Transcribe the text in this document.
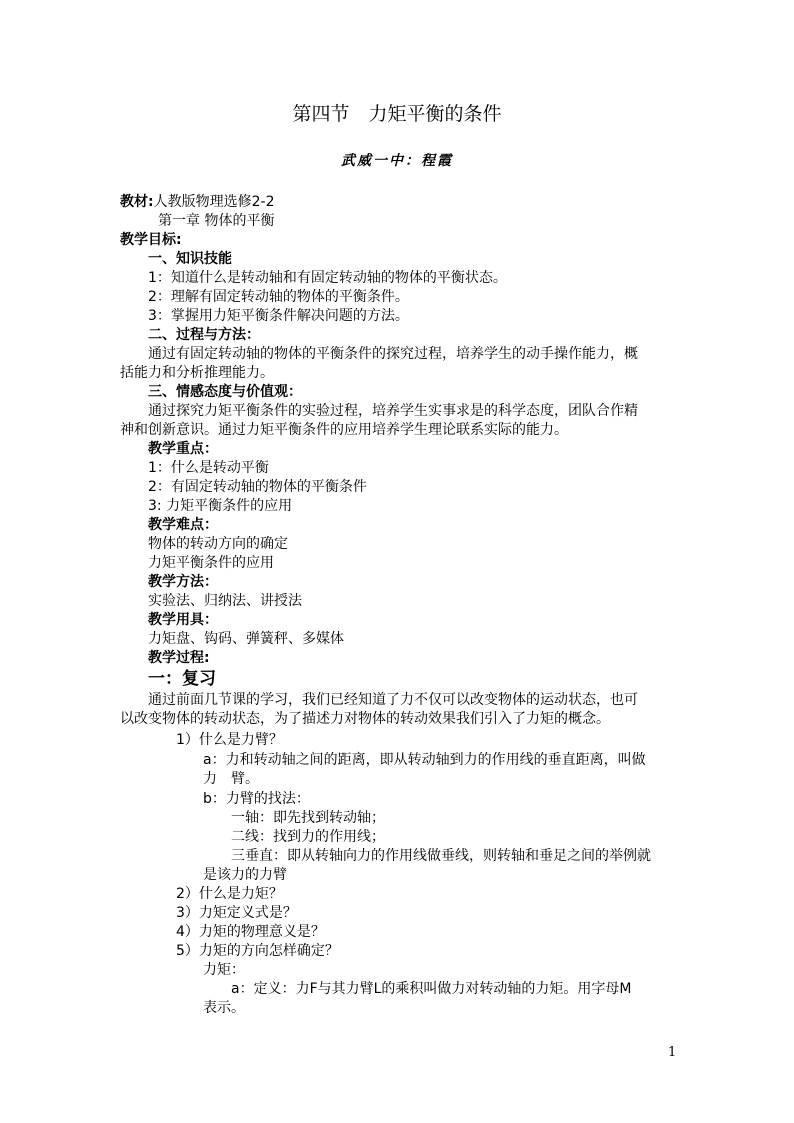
第四节　力矩平衡的条件
武威一中：程霞
教材:人教版物理选修2-2
第一章 物体的平衡
教学目标:
一、知识技能
1：知道什么是转动轴和有固定转动轴的物体的平衡状态。
2：理解有固定转动轴的物体的平衡条件。
3：掌握用力矩平衡条件解决问题的方法。
二、过程与方法：
通过有固定转动轴的物体的平衡条件的探究过程，培养学生的动手操作能力，概
括能力和分析推理能力。
三、情感态度与价值观：
通过探究力矩平衡条件的实验过程，培养学生实事求是的科学态度，团队合作精
神和创新意识。通过力矩平衡条件的应用培养学生理论联系实际的能力。
教学重点：
1：什么是转动平衡
2：有固定转动轴的物体的平衡条件
3: 力矩平衡条件的应用
教学难点：
物体的转动方向的确定
力矩平衡条件的应用
教学方法：
实验法、归纳法、讲授法
教学用具：
力矩盘、钩码、弹簧秤、多媒体
教学过程:
一：复习
通过前面几节课的学习，我们已经知道了力不仅可以改变物体的运动状态，也可
以改变物体的转动状态，为了描述力对物体的转动效果我们引入了力矩的概念。
1）什么是力臂？
a：力和转动轴之间的距离，即从转动轴到力的作用线的垂直距离，叫做
力　臂。
b：力臂的找法：
一轴：即先找到转动轴；
二线：找到力的作用线；
三垂直：即从转轴向力的作用线做垂线，则转轴和垂足之间的举例就
是该力的力臂
2）什么是力矩？
3）力矩定义式是？
4）力矩的物理意义是？
5）力矩的方向怎样确定？
力矩：
a：定义：力F与其力臂L的乘积叫做力对转动轴的力矩。用字母M
表示。
1
